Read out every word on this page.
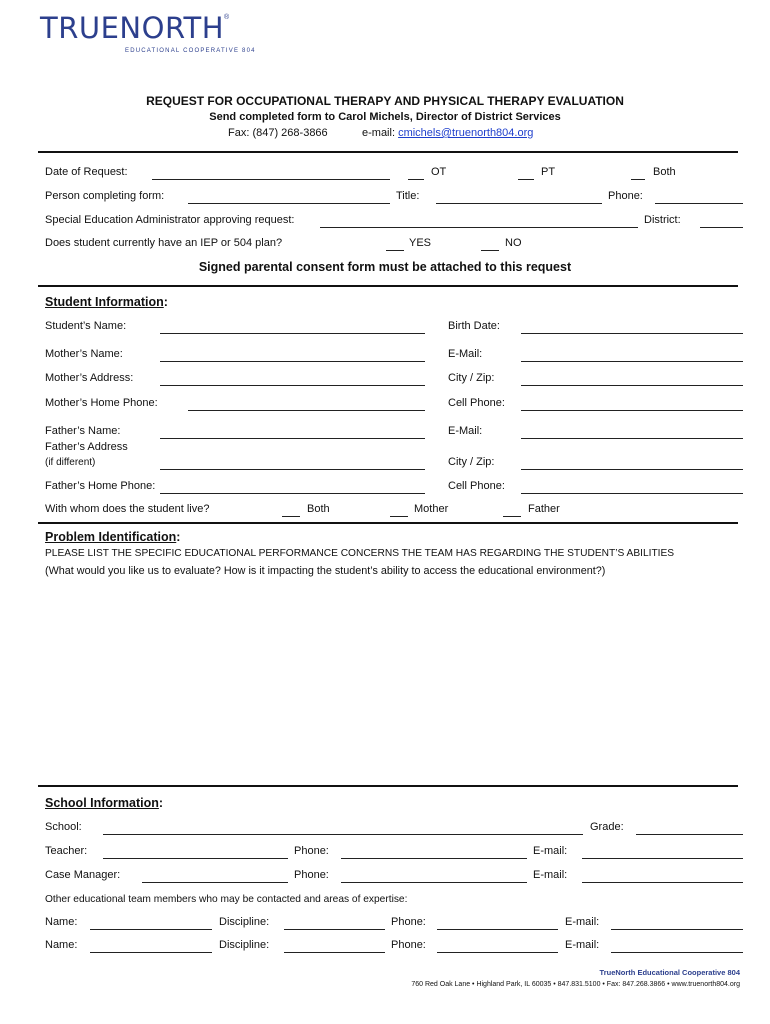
TRUENORTH®
EDUCATIONAL COOPERATIVE 804
REQUEST FOR OCCUPATIONAL THERAPY AND PHYSICAL THERAPY EVALUATION
Send completed form to Carol Michels, Director of District Services
Fax: (847) 268-3866	e-mail: cmichels@truenorth804.org
Date of Request:	OT	PT	Both
Person completing form:	Title:	Phone:
Special Education Administrator approving request:	District:
Does student currently have an IEP or 504 plan?	YES	NO
Signed parental consent form must be attached to this request
Student Information:
Student’s Name:	Birth Date:
Mother’s Name:	E-Mail:
Mother’s Address:	City / Zip:
Mother’s Home Phone:	Cell Phone:
Father’s Name:	E-Mail:
Father’s Address
(if different)	City / Zip:
Father’s Home Phone:	Cell Phone:
With whom does the student live?	Both	Mother	Father
Problem Identification:
PLEASE LIST THE SPECIFIC EDUCATIONAL PERFORMANCE CONCERNS THE TEAM HAS REGARDING THE STUDENT’S ABILITIES
(What would you like us to evaluate? How is it impacting the student’s ability to access the educational environment?)
School Information:
School:	Grade:
Teacher:	Phone:	E-mail:
Case Manager:	Phone:	E-mail:
Other educational team members who may be contacted and areas of expertise:
Name:	Discipline:	Phone:	E-mail:
Name:	Discipline:	Phone:	E-mail:
TrueNorth Educational Cooperative 804
760 Red Oak Lane • Highland Park, IL 60035 • 847.831.5100 • Fax: 847.268.3866 • www.truenorth804.org
